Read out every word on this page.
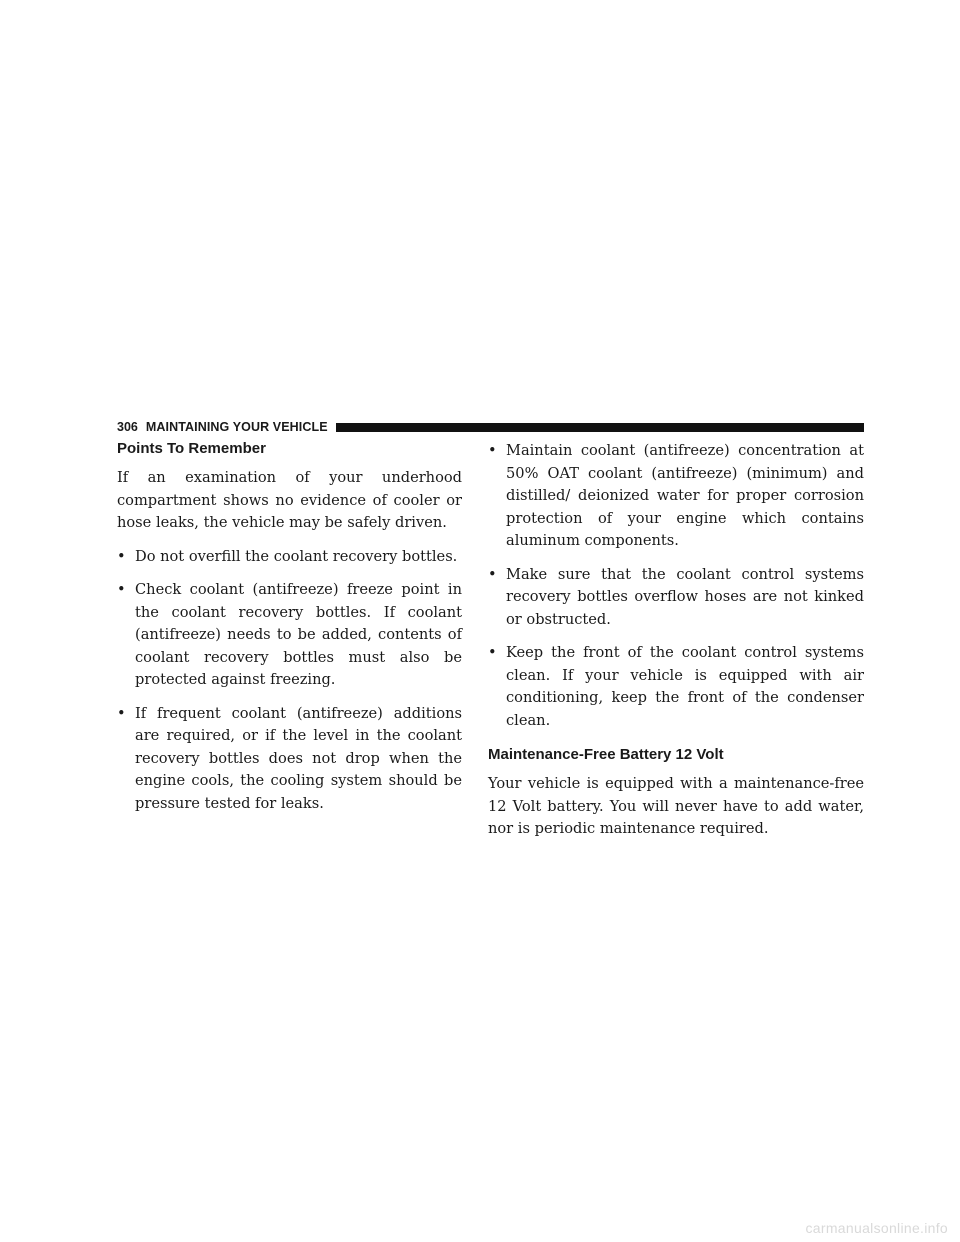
306 MAINTAINING YOUR VEHICLE
Points To Remember

If an examination of your underhood compartment shows no evidence of cooler or hose leaks, the vehicle may be safely driven.

• Do not overfill the coolant recovery bottles.
• Check coolant (antifreeze) freeze point in the coolant recovery bottles. If coolant (antifreeze) needs to be added, contents of coolant recovery bottles must also be protected against freezing.
• If frequent coolant (antifreeze) additions are required, or if the level in the coolant recovery bottles does not drop when the engine cools, the cooling system should be pressure tested for leaks.
• Maintain coolant (antifreeze) concentration at 50% OAT coolant (antifreeze) (minimum) and distilled/ deionized water for proper corrosion protection of your engine which contains aluminum components.
• Make sure that the coolant control systems recovery bottles overflow hoses are not kinked or obstructed.
• Keep the front of the coolant control systems clean. If your vehicle is equipped with air conditioning, keep the front of the condenser clean.
Maintenance-Free Battery 12 Volt

Your vehicle is equipped with a maintenance-free 12 Volt battery. You will never have to add water, nor is periodic maintenance required.

carmanualsonline.info
